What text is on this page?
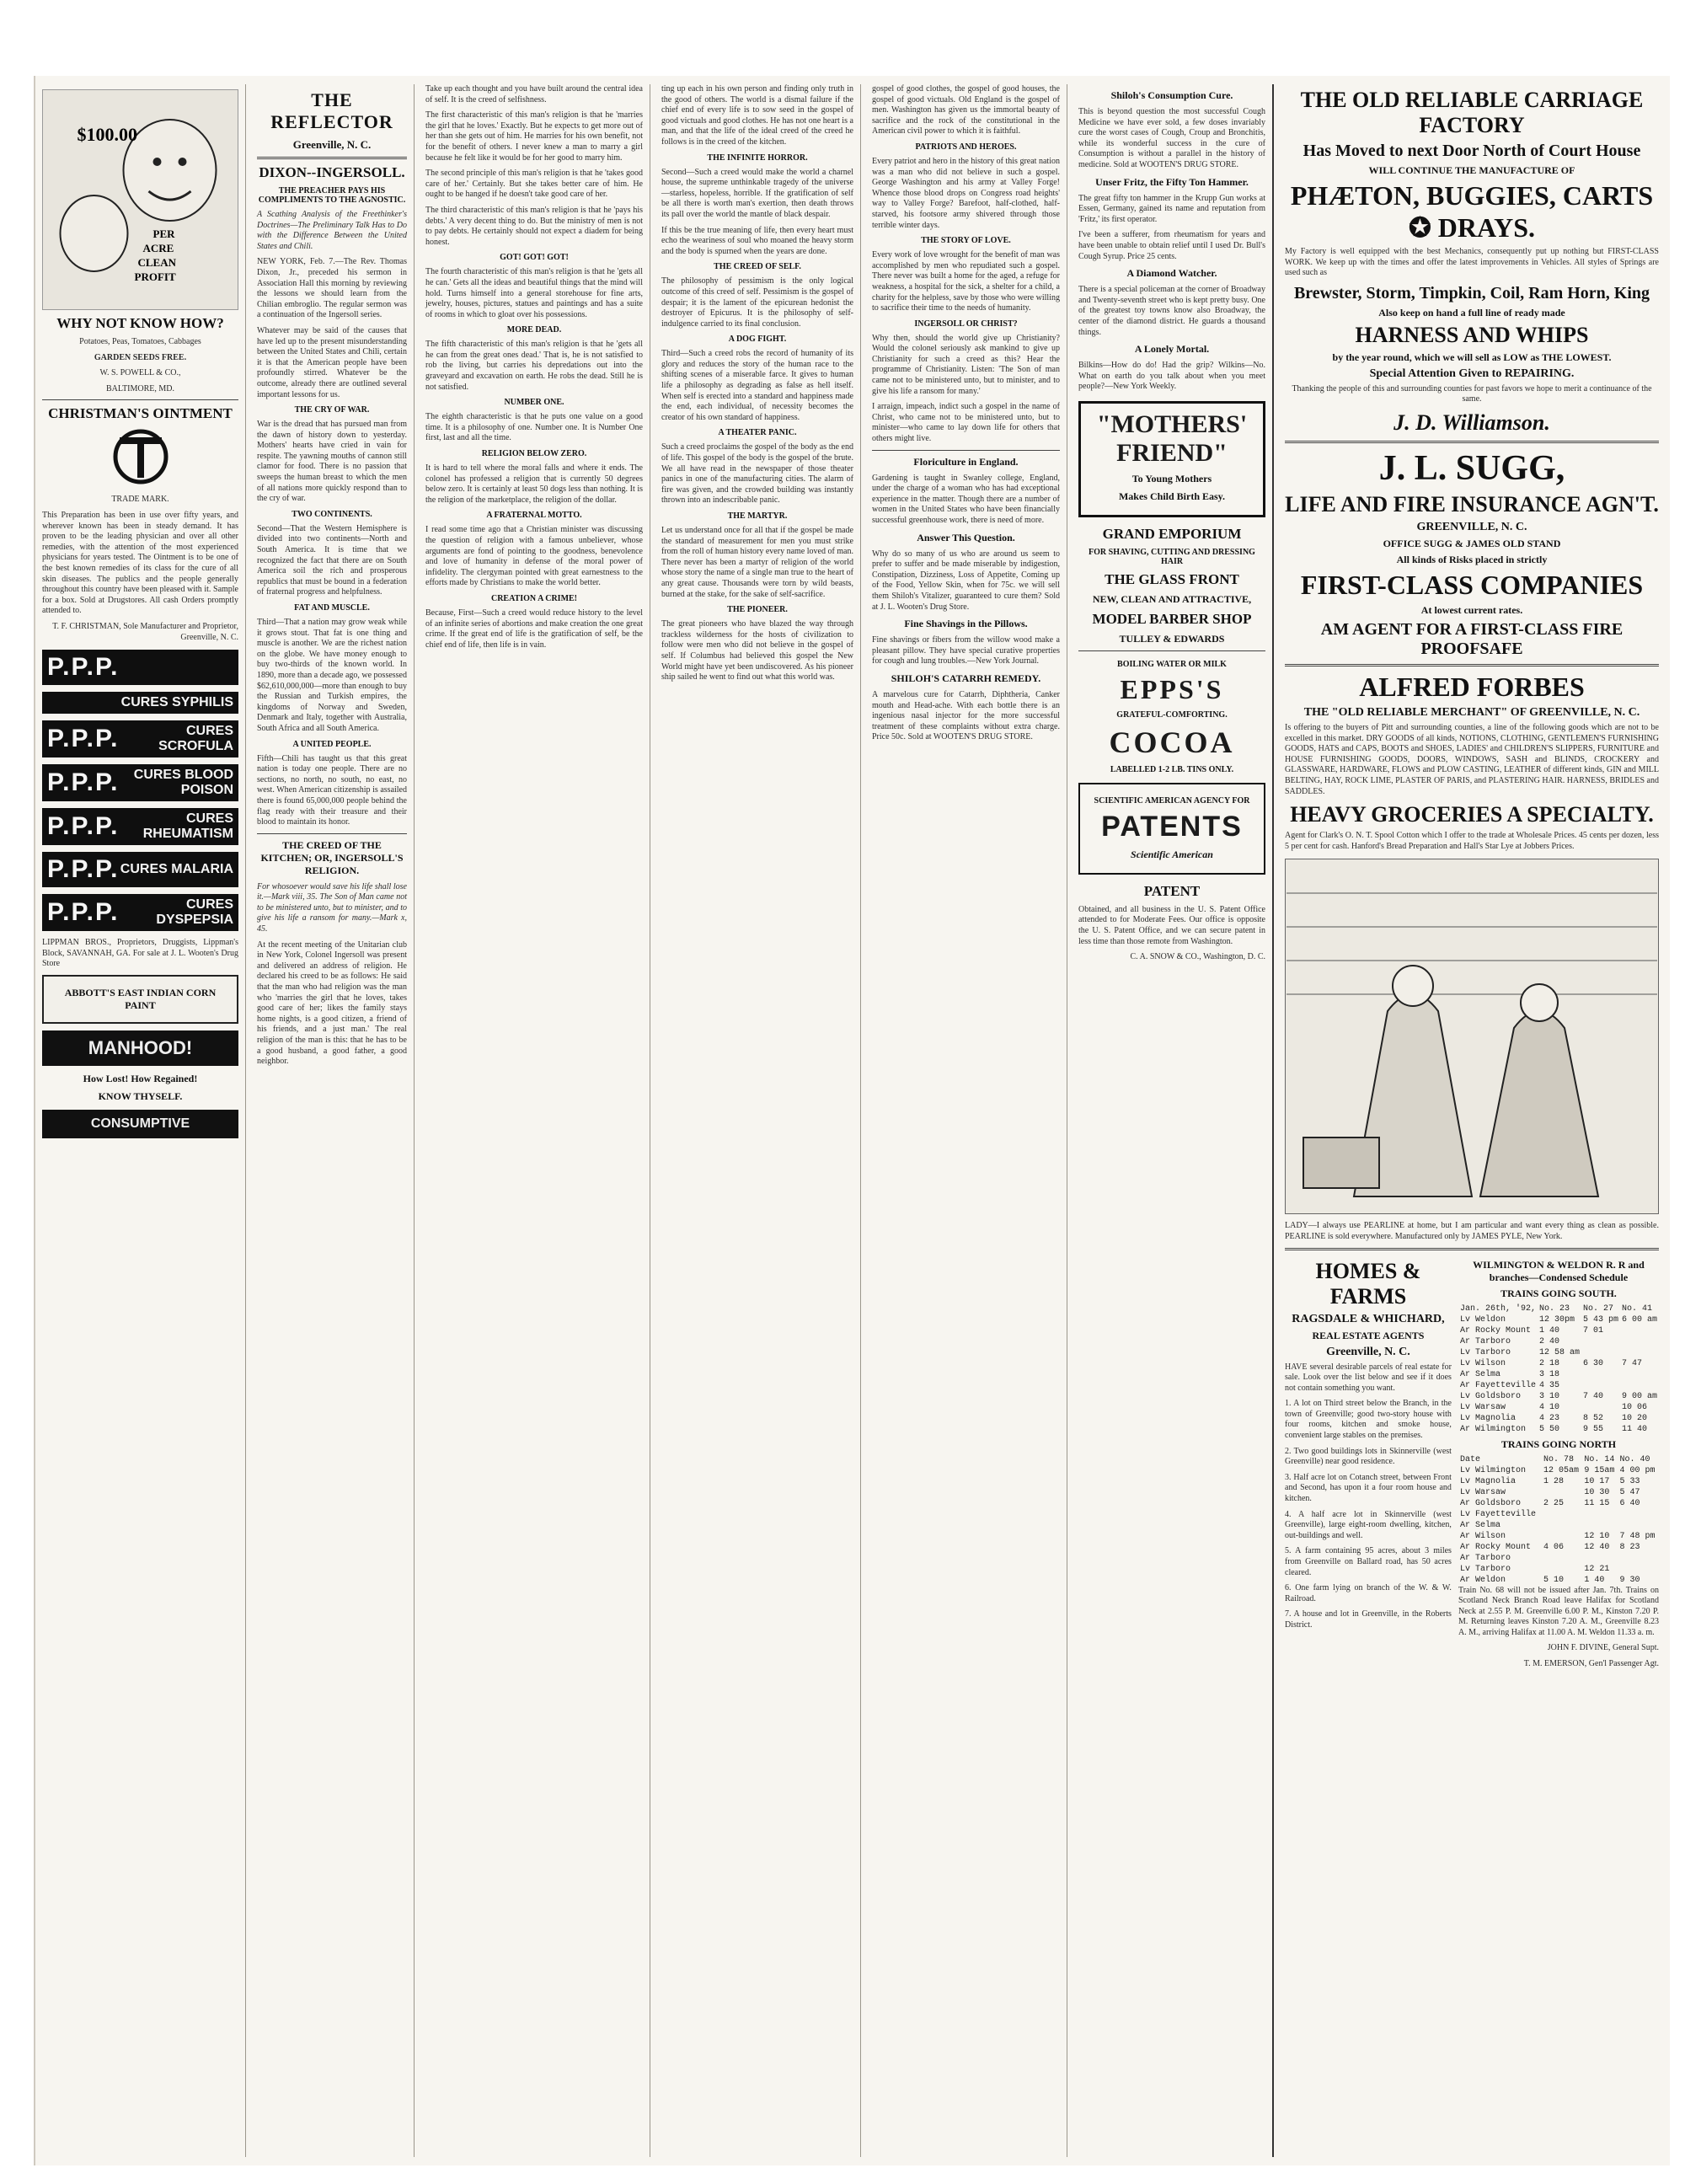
$100.00
PER
ACRE
CLEAN
PROFIT
WHY NOT KNOW HOW?

Potatoes, Peas, Tomatoes, Cabbages

GARDEN SEEDS FREE.

W. S. POWELL & CO.,

BALTIMORE, MD.

CHRISTMAN'S OINTMENT

TRADE MARK.

This Preparation has been in use over fifty years, and wherever known has been in steady demand. It has proven to be the leading physician and over all other remedies, with the attention of the most experienced physicians for years tested. The Ointment is to be one of the best known remedies of its class for the cure of all skin diseases. The publics and the people generally throughout this country have been pleased with it. Sample for a box. Sold at Drugstores. All cash Orders promptly attended to.

T. F. CHRISTMAN, Sole Manufacturer and Proprietor, Greenville, N. C.

P.P.P.
CURES SYPHILIS
P.P.P.	CURES SCROFULA
P.P.P.	CURES BLOOD POISON
P.P.P.	CURES RHEUMATISM
P.P.P. CURES MALARIA
P.P.P.	CURES DYSPEPSIA

LIPPMAN BROS., Proprietors, Druggists, Lippman's Block, SAVANNAH, GA. For sale at J. L. Wooten's Drug Store

ABBOTT'S EAST INDIAN CORN PAINT
MANHOOD!
How Lost! How Regained!
KNOW THYSELF.
CONSUMPTIVE
THE REFLECTOR
Greenville, N. C.
DIXON--INGERSOLL.
THE PREACHER PAYS HIS COMPLIMENTS TO THE AGNOSTIC.

A Scathing Analysis of the Freethinker's Doctrines—The Preliminary Talk Has to Do with the Difference Between the United States and Chili.

NEW YORK, Feb. 7.—The Rev. Thomas Dixon, Jr., preceded his sermon in Association Hall this morning by reviewing the lessons we should learn from the Chilian embroglio. The regular sermon was a continuation of the Ingersoll series.

Whatever may be said of the causes that have led up to the present misunderstanding between the United States and Chili, certain it is that the American people have been profoundly stirred. Whatever be the outcome, already there are outlined several important lessons for us.

THE CRY OF WAR.

War is the dread that has pursued man from the dawn of history down to yesterday. Mothers' hearts have cried in vain for respite. The yawning mouths of cannon still clamor for food. There is no passion that sweeps the human breast to which the men of all nations more quickly respond than to the cry of war.

TWO CONTINENTS.

Second—That the Western Hemisphere is divided into two continents—North and South America. It is time that we recognized the fact that there are on South America soil the rich and prosperous republics that must be bound in a federation of fraternal progress and helpfulness.

FAT AND MUSCLE.

Third—That a nation may grow weak while it grows stout. That fat is one thing and muscle is another. We are the richest nation on the globe. We have money enough to buy two-thirds of the known world. In 1890, more than a decade ago, we possessed $62,610,000,000—more than enough to buy the Russian and Turkish empires, the kingdoms of Norway and Sweden, Denmark and Italy, together with Australia, South Africa and all South America.

A UNITED PEOPLE.

Fifth—Chili has taught us that this great nation is today one people. There are no sections, no north, no south, no east, no west. When American citizenship is assailed there is found 65,000,000 people behind the flag ready with their treasure and their blood to maintain its honor.

THE CREED OF THE KITCHEN; OR, INGERSOLL'S RELIGION.

For whosoever would save his life shall lose it.—Mark viii, 35. The Son of Man came not to be ministered unto, but to minister, and to give his life a ransom for many.—Mark x, 45.

At the recent meeting of the Unitarian club in New York, Colonel Ingersoll was present and delivered an address of religion. He declared his creed to be as follows: He said that the man who had religion was the man who 'marries the girl that he loves, takes good care of her; likes the family stays home nights, is a good citizen, a friend of his friends, and a just man.' The real religion of the man is this: that he has to be a good husband, a good father, a good neighbor.

Take up each thought and you have built around the central idea of self. It is the creed of selfishness.

The first characteristic of this man's religion is that he 'marries the girl that he loves.' Exactly. But he expects to get more out of her than she gets out of him. He marries for his own benefit, not for the benefit of others. I never knew a man to marry a girl because he felt like it would be for her good to marry him.

The second principle of this man's religion is that he 'takes good care of her.' Certainly. But she takes better care of him. He ought to be hanged if he doesn't take good care of her.

The third characteristic of this man's religion is that he 'pays his debts.' A very decent thing to do. But the ministry of men is not to pay debts. He certainly should not expect a diadem for being honest.

GOT! GOT! GOT!

The fourth characteristic of this man's religion is that he 'gets all he can.' Gets all the ideas and beautiful things that the mind will hold. Turns himself into a general storehouse for fine arts, jewelry, houses, pictures, statues and paintings and has a suite of rooms in which to gloat over his possessions.

MORE DEAD.

The fifth characteristic of this man's religion is that he 'gets all he can from the great ones dead.' That is, he is not satisfied to rob the living, but carries his depredations out into the graveyard and excavation on earth. He robs the dead. Still he is not satisfied.

NUMBER ONE.

The eighth characteristic is that he puts one value on a good time. It is a philosophy of one. Number one. It is Number One first, last and all the time.

RELIGION BELOW ZERO.

It is hard to tell where the moral falls and where it ends. The colonel has professed a religion that is currently 50 degrees below zero. It is certainly at least 50 dogs less than nothing. It is the religion of the marketplace, the religion of the dollar.

A FRATERNAL MOTTO.

I read some time ago that a Christian minister was discussing the question of religion with a famous unbeliever, whose arguments are fond of pointing to the goodness, benevolence and love of humanity in defense of the moral power of infidelity. The clergyman pointed with great earnestness to the efforts made by Christians to make the world better.

CREATION A CRIME!

Because, First—Such a creed would reduce history to the level of an infinite series of abortions and make creation the one great crime. If the great end of life is the gratification of self, be the chief end of life, then life is in vain.

ting up each in his own person and finding only truth in the good of others. The world is a dismal failure if the chief end of every life is to sow seed in the gospel of good victuals and good clothes. He has not one heart is a man, and that the life of the ideal creed of the creed he follows is in the creed of the kitchen.

THE INFINITE HORROR.

Second—Such a creed would make the world a charnel house, the supreme unthinkable tragedy of the universe—starless, hopeless, horrible. If the gratification of self be all there is worth man's exertion, then death throws its pall over the world the mantle of black despair.

If this be the true meaning of life, then every heart must echo the weariness of soul who moaned the heavy storm and the body is spurned when the years are done.

THE CREED OF SELF.

The philosophy of pessimism is the only logical outcome of this creed of self. Pessimism is the gospel of despair; it is the lament of the epicurean hedonist the destroyer of Epicurus. It is the philosophy of self-indulgence carried to its final conclusion.

A DOG FIGHT.

Third—Such a creed robs the record of humanity of its glory and reduces the story of the human race to the shifting scenes of a miserable farce. It gives to human life a philosophy as degrading as false as hell itself. When self is erected into a standard and happiness made the end, each individual, of necessity becomes the creator of his own standard of happiness.

A THEATER PANIC.

Such a creed proclaims the gospel of the body as the end of life. This gospel of the body is the gospel of the brute. We all have read in the newspaper of those theater panics in one of the manufacturing cities. The alarm of fire was given, and the crowded building was instantly thrown into an indescribable panic.

THE MARTYR.

Let us understand once for all that if the gospel be made the standard of measurement for men you must strike from the roll of human history every name loved of man. There never has been a martyr of religion of the world whose story the name of a single man true to the heart of any great cause. Thousands were torn by wild beasts, burned at the stake, for the sake of self-sacrifice.

THE PIONEER.

The great pioneers who have blazed the way through trackless wilderness for the hosts of civilization to follow were men who did not believe in the gospel of self. If Columbus had believed this gospel the New World might have yet been undiscovered. As his pioneer ship sailed he went to find out what this world was.

gospel of good clothes, the gospel of good houses, the gospel of good victuals. Old England is the gospel of men. Washington has given us the immortal beauty of sacrifice and the rock of the constitutional in the American civil power to which it is faithful.

PATRIOTS AND HEROES.

Every patriot and hero in the history of this great nation was a man who did not believe in such a gospel. George Washington and his army at Valley Forge! Whence those blood drops on Congress road heights' way to Valley Forge? Barefoot, half-clothed, half-starved, his footsore army shivered through those terrible winter days.

THE STORY OF LOVE.

Every work of love wrought for the benefit of man was accomplished by men who repudiated such a gospel. There never was built a home for the aged, a refuge for weakness, a hospital for the sick, a shelter for a child, a charity for the helpless, save by those who were willing to sacrifice their time to the needs of humanity.

INGERSOLL OR CHRIST?

Why then, should the world give up Christianity? Would the colonel seriously ask mankind to give up Christianity for such a creed as this? Hear the programme of Christianity. Listen: 'The Son of man came not to be ministered unto, but to minister, and to give his life a ransom for many.'

I arraign, impeach, indict such a gospel in the name of Christ, who came not to be ministered unto, but to minister—who came to lay down life for others that others might live.

Floriculture in England.

Gardening is taught in Swanley college, England, under the charge of a woman who has had exceptional experience in the matter. Though there are a number of women in the United States who have been financially successful greenhouse work, there is need of more.

Answer This Question.

Why do so many of us who are around us seem to prefer to suffer and be made miserable by indigestion, Constipation, Dizziness, Loss of Appetite, Coming up of the Food, Yellow Skin, when for 75c. we will sell them Shiloh's Vitalizer, guaranteed to cure them? Sold at J. L. Wooten's Drug Store.

Fine Shavings in the Pillows.

Fine shavings or fibers from the willow wood make a pleasant pillow. They have special curative properties for cough and lung troubles.—New York Journal.

SHILOH'S CATARRH REMEDY.

A marvelous cure for Catarrh, Diphtheria, Canker mouth and Head-ache. With each bottle there is an ingenious nasal injector for the more successful treatment of these complaints without extra charge. Price 50c. Sold at WOOTEN'S DRUG STORE.

Shiloh's Consumption Cure.

This is beyond question the most successful Cough Medicine we have ever sold, a few doses invariably cure the worst cases of Cough, Croup and Bronchitis, while its wonderful success in the cure of Consumption is without a parallel in the history of medicine. Sold at WOOTEN'S DRUG STORE.

Unser Fritz, the Fifty Ton Hammer.

The great fifty ton hammer in the Krupp Gun works at Essen, Germany, gained its name and reputation from 'Fritz,' its first operator.

I've been a sufferer, from rheumatism for years and have been unable to obtain relief until I used Dr. Bull's Cough Syrup. Price 25 cents.

A Diamond Watcher.

There is a special policeman at the corner of Broadway and Twenty-seventh street who is kept pretty busy. One of the greatest toy towns know also Broadway, the center of the diamond district. He guards a thousand things.

A Lonely Mortal.

Bilkins—How do do! Had the grip? Wilkins—No. What on earth do you talk about when you meet people?—New York Weekly.

"MOTHERS' FRIEND"
To Young Mothers
Makes Child Birth Easy.
GRAND EMPORIUM
FOR SHAVING, CUTTING AND DRESSING HAIR
THE GLASS FRONT
NEW, CLEAN AND ATTRACTIVE,
MODEL BARBER SHOP
TULLEY & EDWARDS
BOILING WATER OR MILK
EPPS'S
GRATEFUL-COMFORTING.
COCOA
LABELLED 1-2 LB. TINS ONLY.
SCIENTIFIC AMERICAN AGENCY FOR
PATENTS
Scientific American
PATENT

Obtained, and all business in the U. S. Patent Office attended to for Moderate Fees. Our office is opposite the U. S. Patent Office, and we can secure patent in less time than those remote from Washington.

C. A. SNOW & CO., Washington, D. C.

THE OLD RELIABLE CARRIAGE FACTORY
Has Moved to next Door North of Court House
WILL CONTINUE THE MANUFACTURE OF
PHÆTON, BUGGIES, CARTS ✪ DRAYS.

My Factory is well equipped with the best Mechanics, consequently put up nothing but FIRST-CLASS WORK. We keep up with the times and offer the latest improvements in Vehicles. All styles of Springs are used such as

Brewster, Storm, Timpkin, Coil, Ram Horn, King
Also keep on hand a full line of ready made
HARNESS AND WHIPS
by the year round, which we will sell as LOW as THE LOWEST.
Special Attention Given to REPAIRING.

Thanking the people of this and surrounding counties for past favors we hope to merit a continuance of the same.

J. D. Williamson.
J. L. SUGG,
LIFE AND FIRE INSURANCE AGN'T.
GREENVILLE, N. C.
OFFICE SUGG & JAMES OLD STAND
All kinds of Risks placed in strictly
FIRST-CLASS COMPANIES
At lowest current rates.
AM AGENT FOR A FIRST-CLASS FIRE PROOFSAFE
ALFRED FORBES
THE "OLD RELIABLE MERCHANT" OF GREENVILLE, N. C.

Is offering to the buyers of Pitt and surrounding counties, a line of the following goods which are not to be excelled in this market. DRY GOODS of all kinds, NOTIONS, CLOTHING, GENTLEMEN'S FURNISHING GOODS, HATS and CAPS, BOOTS and SHOES, LADIES' and CHILDREN'S SLIPPERS, FURNITURE and HOUSE FURNISHING GOODS, DOORS, WINDOWS, SASH and BLINDS, CROCKERY and GLASSWARE, HARDWARE, FLOWS and PLOW CASTING, LEATHER of different kinds, GIN and MILL BELTING, HAY, ROCK LIME, PLASTER OF PARIS, and PLASTERING HAIR. HARNESS, BRIDLES and SADDLES.

HEAVY GROCERIES A SPECIALTY.

Agent for Clark's O. N. T. Spool Cotton which I offer to the trade at Wholesale Prices. 45 cents per dozen, less 5 per cent for cash. Hanford's Bread Preparation and Hall's Star Lye at Jobbers Prices.

LADY—I always use PEARLINE at home, but I am particular and want every thing as clean as possible. PEARLINE is sold everywhere. Manufactured only by JAMES PYLE, New York.

HOMES & FARMS
RAGSDALE & WHICHARD,
REAL ESTATE AGENTS
Greenville, N. C.

HAVE several desirable parcels of real estate for sale. Look over the list below and see if it does not contain something you want.

1. A lot on Third street below the Branch, in the town of Greenville; good two-story house with four rooms, kitchen and smoke house, convenient large stables on the premises.

2. Two good buildings lots in Skinnerville (west Greenville) near good residence.

3. Half acre lot on Cotanch street, between Front and Second, has upon it a four room house and kitchen.

4. A half acre lot in Skinnerville (west Greenville), large eight-room dwelling, kitchen, out-buildings and well.

5. A farm containing 95 acres, about 3 miles from Greenville on Ballard road, has 50 acres cleared.

6. One farm lying on branch of the W. & W. Railroad.

7. A house and lot in Greenville, in the Roberts District.

WILMINGTON & WELDON R. R and branches—Condensed Schedule
TRAINS GOING SOUTH.
Jan. 26th, '92,	No. 23	No. 27	No. 41
Lv Weldon	12 30pm	5 43 pm	6 00 am
Ar Rocky Mount	1 40	7 01	
Ar Tarboro	2 40		
Lv Tarboro	12 58 am		
Lv Wilson	2 18	6 30	7 47
Ar Selma	3 18		
Ar Fayetteville	4 35		
Lv Goldsboro	3 10	7 40	9 00 am
Lv Warsaw	4 10		10 06
Lv Magnolia	4 23	8 52	10 20
Ar Wilmington	5 50	9 55	11 40
TRAINS GOING NORTH
Date	No. 78	No. 14	No. 40
Lv Wilmington	12 05am	9 15am	4 00 pm
Lv Magnolia	1 28	10 17	5 33
Lv Warsaw		10 30	5 47
Ar Goldsboro	2 25	11 15	6 40
Lv Fayetteville			
Ar Selma			
Ar Wilson		12 10	7 48 pm
Ar Rocky Mount	4 06	12 40	8 23
Ar Tarboro			
Lv Tarboro		12 21	
Ar Weldon	5 10	1 40	9 30

Train No. 68 will not be issued after Jan. 7th. Trains on Scotland Neck Branch Road leave Halifax for Scotland Neck at 2.55 P. M. Greenville 6.00 P. M., Kinston 7.20 P. M. Returning leaves Kinston 7.20 A. M., Greenville 8.23 A. M., arriving Halifax at 11.00 A. M. Weldon 11.33 a. m.

JOHN F. DIVINE, General Supt.

T. M. EMERSON, Gen'l Passenger Agt.
